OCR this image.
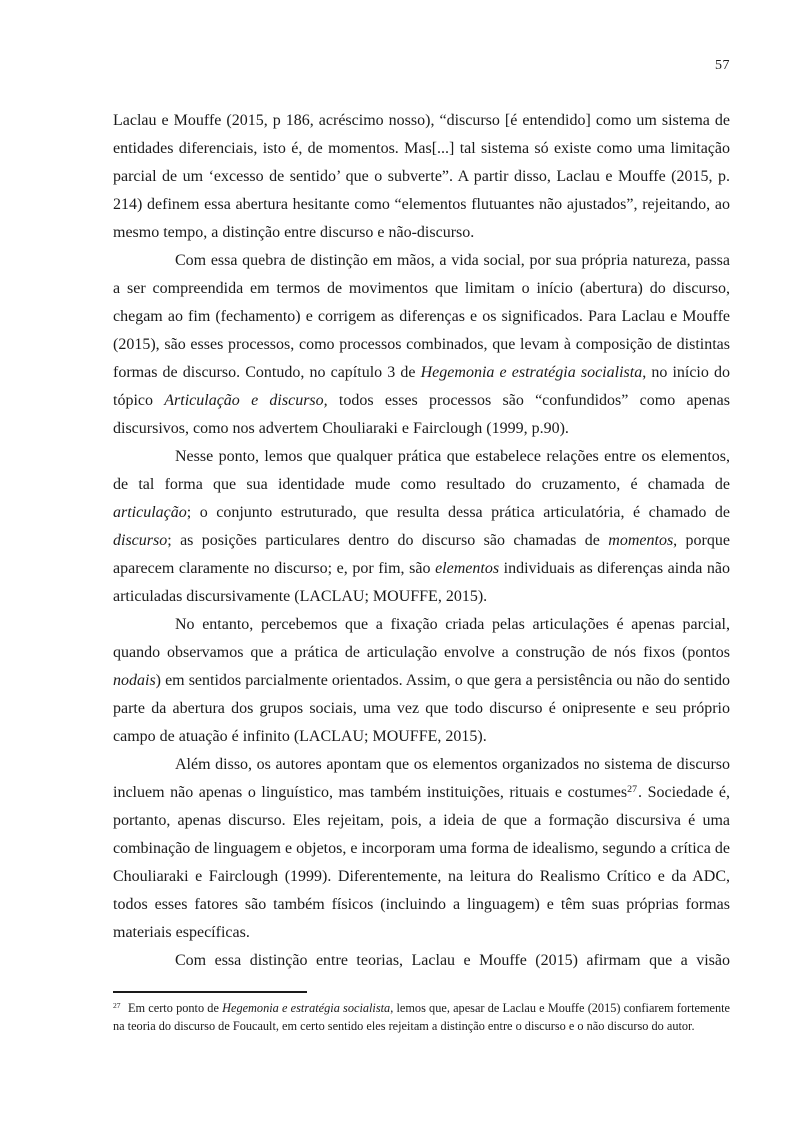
57

Laclau e Mouffe (2015, p 186, acréscimo nosso), “discurso [é entendido] como um sistema de entidades diferenciais, isto é, de momentos. Mas[...] tal sistema só existe como uma limitação parcial de um ‘excesso de sentido’ que o subverte”. A partir disso, Laclau e Mouffe (2015, p. 214) definem essa abertura hesitante como “elementos flutuantes não ajustados”, rejeitando, ao mesmo tempo, a distinção entre discurso e não-discurso.

Com essa quebra de distinção em mãos, a vida social, por sua própria natureza, passa a ser compreendida em termos de movimentos que limitam o início (abertura) do discurso, chegam ao fim (fechamento) e corrigem as diferenças e os significados. Para Laclau e Mouffe (2015), são esses processos, como processos combinados, que levam à composição de distintas formas de discurso. Contudo, no capítulo 3 de Hegemonia e estratégia socialista, no início do tópico Articulação e discurso, todos esses processos são “confundidos” como apenas discursivos, como nos advertem Chouliaraki e Fairclough (1999, p.90).

Nesse ponto, lemos que qualquer prática que estabelece relações entre os elementos, de tal forma que sua identidade mude como resultado do cruzamento, é chamada de articulação; o conjunto estruturado, que resulta dessa prática articulatória, é chamado de discurso; as posições particulares dentro do discurso são chamadas de momentos, porque aparecem claramente no discurso; e, por fim, são elementos individuais as diferenças ainda não articuladas discursivamente (LACLAU; MOUFFE, 2015).

No entanto, percebemos que a fixação criada pelas articulações é apenas parcial, quando observamos que a prática de articulação envolve a construção de nós fixos (pontos nodais) em sentidos parcialmente orientados. Assim, o que gera a persistência ou não do sentido parte da abertura dos grupos sociais, uma vez que todo discurso é onipresente e seu próprio campo de atuação é infinito (LACLAU; MOUFFE, 2015).

Além disso, os autores apontam que os elementos organizados no sistema de discurso incluem não apenas o linguístico, mas também instituições, rituais e costumes$^{27}$. Sociedade é, portanto, apenas discurso. Eles rejeitam, pois, a ideia de que a formação discursiva é uma combinação de linguagem e objetos, e incorporam uma forma de idealismo, segundo a crítica de Chouliaraki e Fairclough (1999). Diferentemente, na leitura do Realismo Crítico e da ADC, todos esses fatores são também físicos (incluindo a linguagem) e têm suas próprias formas materiais específicas.

Com essa distinção entre teorias, Laclau e Mouffe (2015) afirmam que a visão

$^{27}$  Em certo ponto de Hegemonia e estratégia socialista, lemos que, apesar de Laclau e Mouffe (2015) confiarem fortemente na teoria do discurso de Foucault, em certo sentido eles rejeitam a distinção entre o discurso e o não discurso do autor.
